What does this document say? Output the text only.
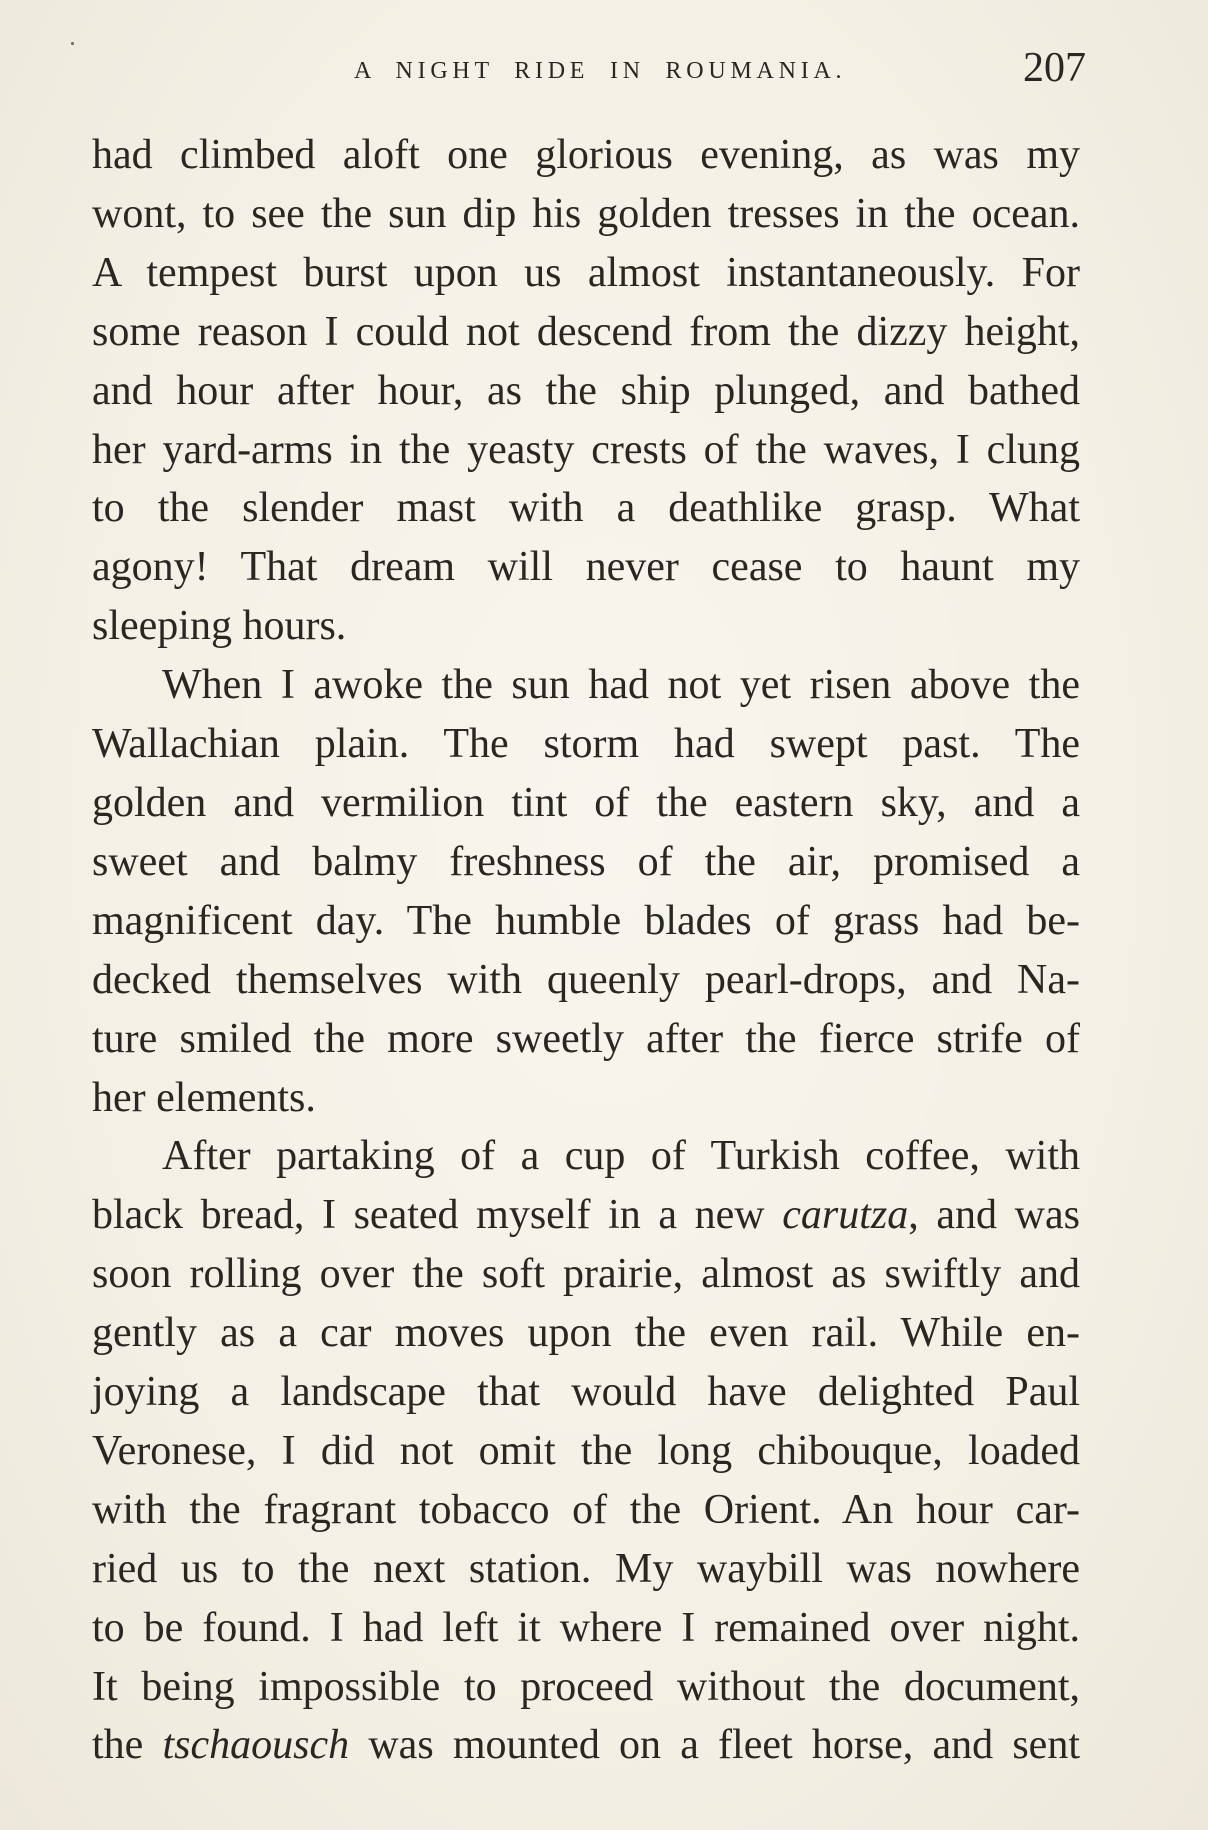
A NIGHT RIDE IN ROUMANIA.	207
had climbed aloft one glorious evening, as was my
wont, to see the sun dip his golden tresses in the ocean.
A tempest burst upon us almost instantaneously. For
some reason I could not descend from the dizzy height,
and hour after hour, as the ship plunged, and bathed
her yard-arms in the yeasty crests of the waves, I clung
to the slender mast with a deathlike grasp. What
agony! That dream will never cease to haunt my
sleeping hours.
When I awoke the sun had not yet risen above the
Wallachian plain. The storm had swept past. The
golden and vermilion tint of the eastern sky, and a
sweet and balmy freshness of the air, promised a
magnificent day. The humble blades of grass had be-
decked themselves with queenly pearl-drops, and Na-
ture smiled the more sweetly after the fierce strife of
her elements.
After partaking of a cup of Turkish coffee, with
black bread, I seated myself in a new carutza, and was
soon rolling over the soft prairie, almost as swiftly and
gently as a car moves upon the even rail. While en-
joying a landscape that would have delighted Paul
Veronese, I did not omit the long chibouque, loaded
with the fragrant tobacco of the Orient. An hour car-
ried us to the next station. My waybill was nowhere
to be found. I had left it where I remained over night.
It being impossible to proceed without the document,
the tschaousch was mounted on a fleet horse, and sent
